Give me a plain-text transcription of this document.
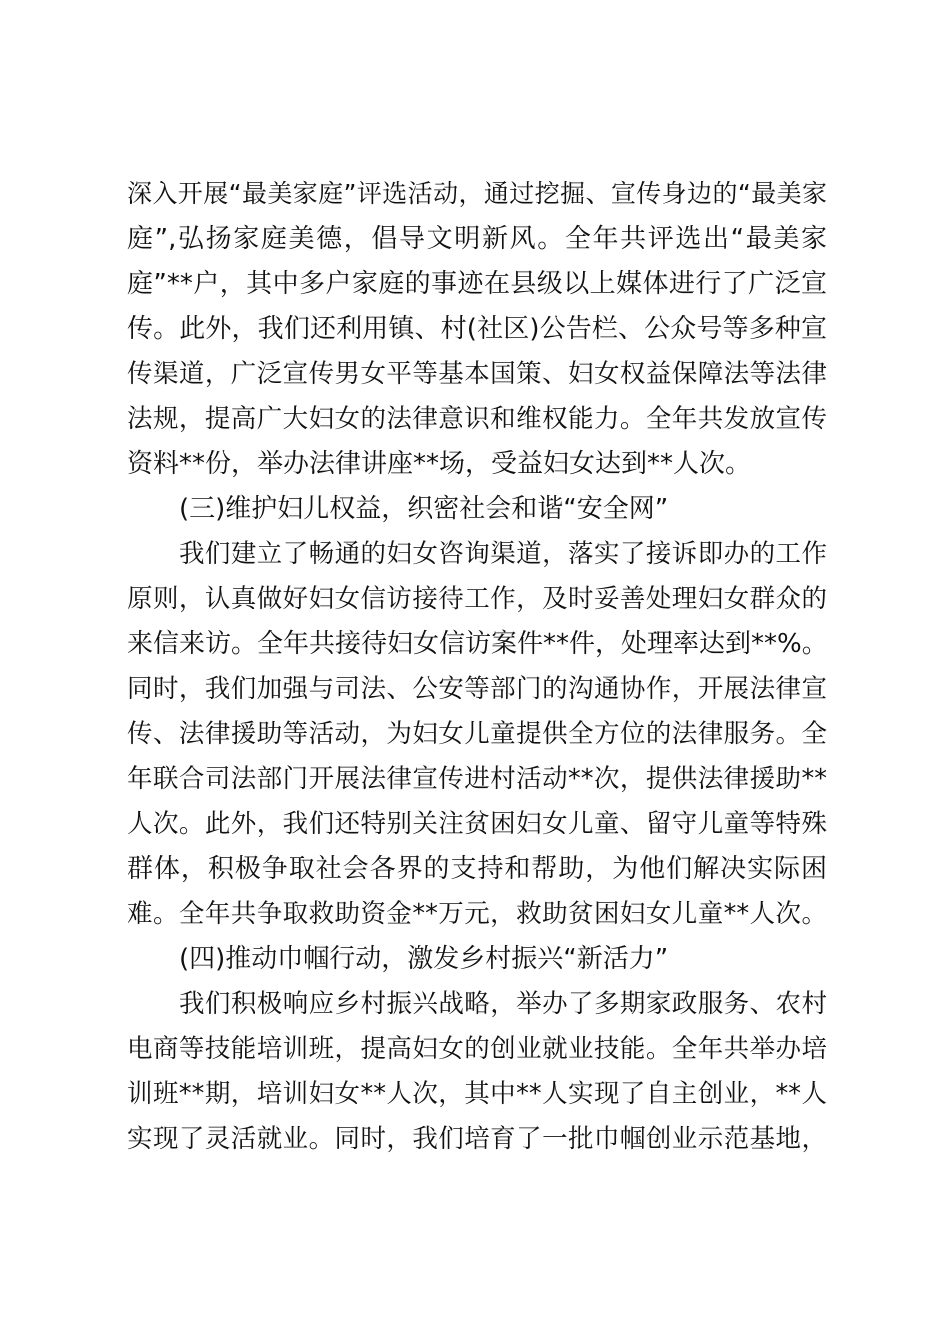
深入开展“最美家庭”评选活动，通过挖掘、宣传身边的“最美家
庭”,弘扬家庭美德，倡导文明新风。全年共评选出“最美家
庭”**户，其中多户家庭的事迹在县级以上媒体进行了广泛宣
传。此外，我们还利用镇、村(社区)公告栏、公众号等多种宣
传渠道，广泛宣传男女平等基本国策、妇女权益保障法等法律
法规，提高广大妇女的法律意识和维权能力。全年共发放宣传
资料**份，举办法律讲座**场，受益妇女达到**人次。
(三)维护妇儿权益，织密社会和谐“安全网”
我们建立了畅通的妇女咨询渠道，落实了接诉即办的工作
原则，认真做好妇女信访接待工作，及时妥善处理妇女群众的
来信来访。全年共接待妇女信访案件**件，处理率达到**%。
同时，我们加强与司法、公安等部门的沟通协作，开展法律宣
传、法律援助等活动，为妇女儿童提供全方位的法律服务。全
年联合司法部门开展法律宣传进村活动**次，提供法律援助**
人次。此外，我们还特别关注贫困妇女儿童、留守儿童等特殊
群体，积极争取社会各界的支持和帮助，为他们解决实际困
难。全年共争取救助资金**万元，救助贫困妇女儿童**人次。
(四)推动巾帼行动，激发乡村振兴“新活力”
我们积极响应乡村振兴战略，举办了多期家政服务、农村
电商等技能培训班，提高妇女的创业就业技能。全年共举办培
训班**期，培训妇女**人次，其中**人实现了自主创业，**人
实现了灵活就业。同时，我们培育了一批巾帼创业示范基地，
